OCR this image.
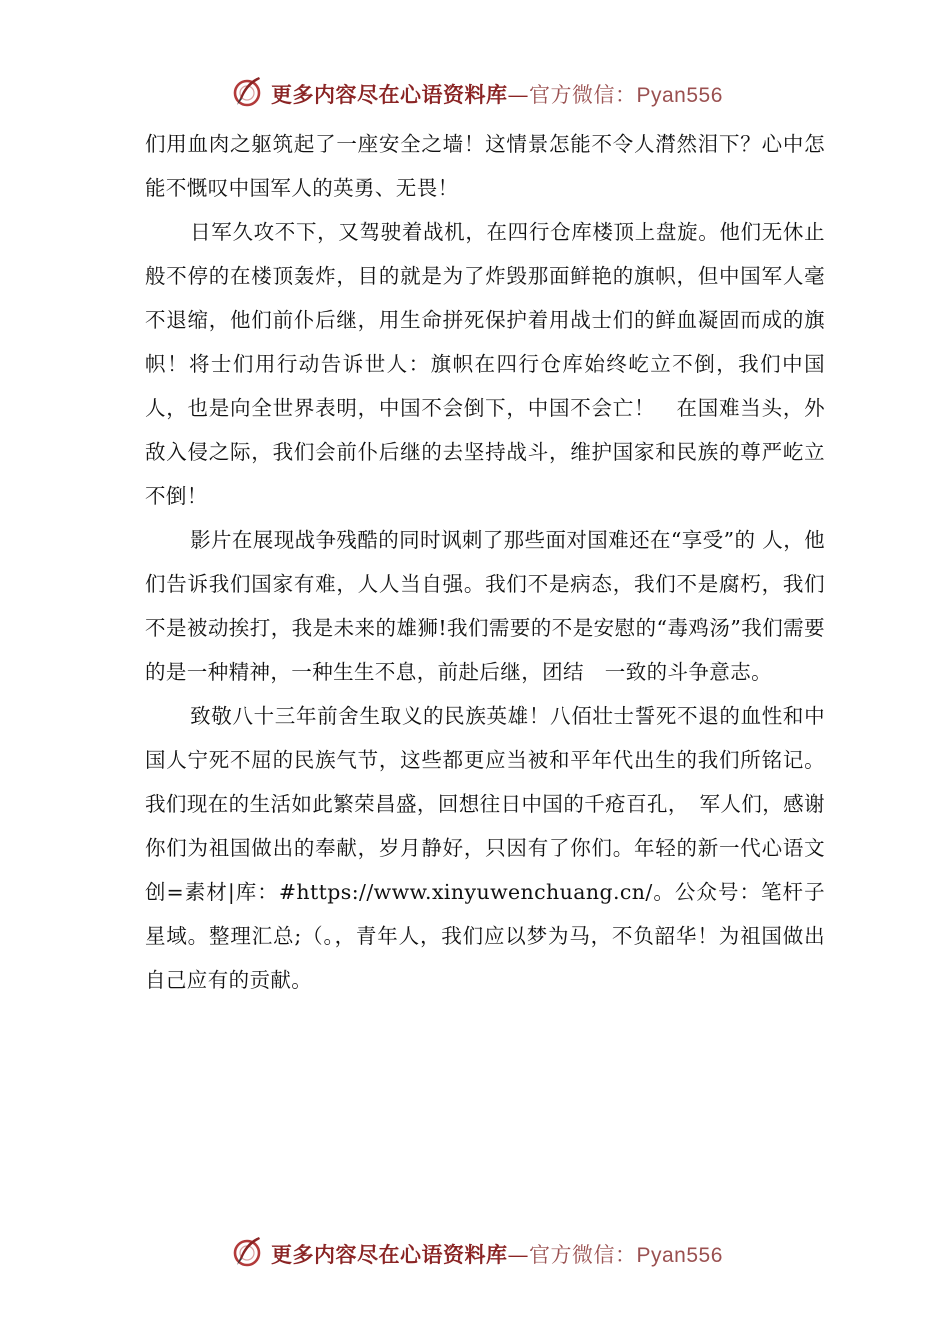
更多内容尽在心语资料库—官方微信：Pyan556

们用血肉之躯筑起了一座安全之墙！这情景怎能不令人潸然泪下？心中怎能不慨叹中国军人的英勇、无畏！

日军久攻不下，又驾驶着战机，在四行仓库楼顶上盘旋。他们无休止般不停的在楼顶轰炸，目的就是为了炸毁那面鲜艳的旗帜，但中国军人毫不退缩，他们前仆后继，用生命拼死保护着用战士们的鲜血凝固而成的旗帜！将士们用行动告诉世人：旗帜在四行仓库始终屹立不倒，我们中国人，也是向全世界表明，中国不会倒下，中国不会亡！　在国难当头，外敌入侵之际，我们会前仆后继的去坚持战斗，维护国家和民族的尊严屹立不倒！

影片在展现战争残酷的同时讽刺了那些面对国难还在“享受”的 人，他们告诉我们国家有难，人人当自强。我们不是病态，我们不是腐朽，我们不是被动挨打，我是未来的雄狮!我们需要的不是安慰的“毒鸡汤”我们需要的是一种精神，一种生生不息，前赴后继，团结　一致的斗争意志。

致敬八十三年前舍生取义的民族英雄！八佰壮士誓死不退的血性和中国人宁死不屈的民族气节，这些都更应当被和平年代出生的我们所铭记。我们现在的生活如此繁荣昌盛，回想往日中国的千疮百孔，　军人们，感谢你们为祖国做出的奉献，岁月静好，只因有了你们。年轻的新一代心语文创=素材|库：#https://www.xinyuwenchuang.cn/。公众号：笔杆子星域。整理汇总;（。，青年人，我们应以梦为马，不负韶华！为祖国做出自己应有的贡献。

更多内容尽在心语资料库—官方微信：Pyan556
